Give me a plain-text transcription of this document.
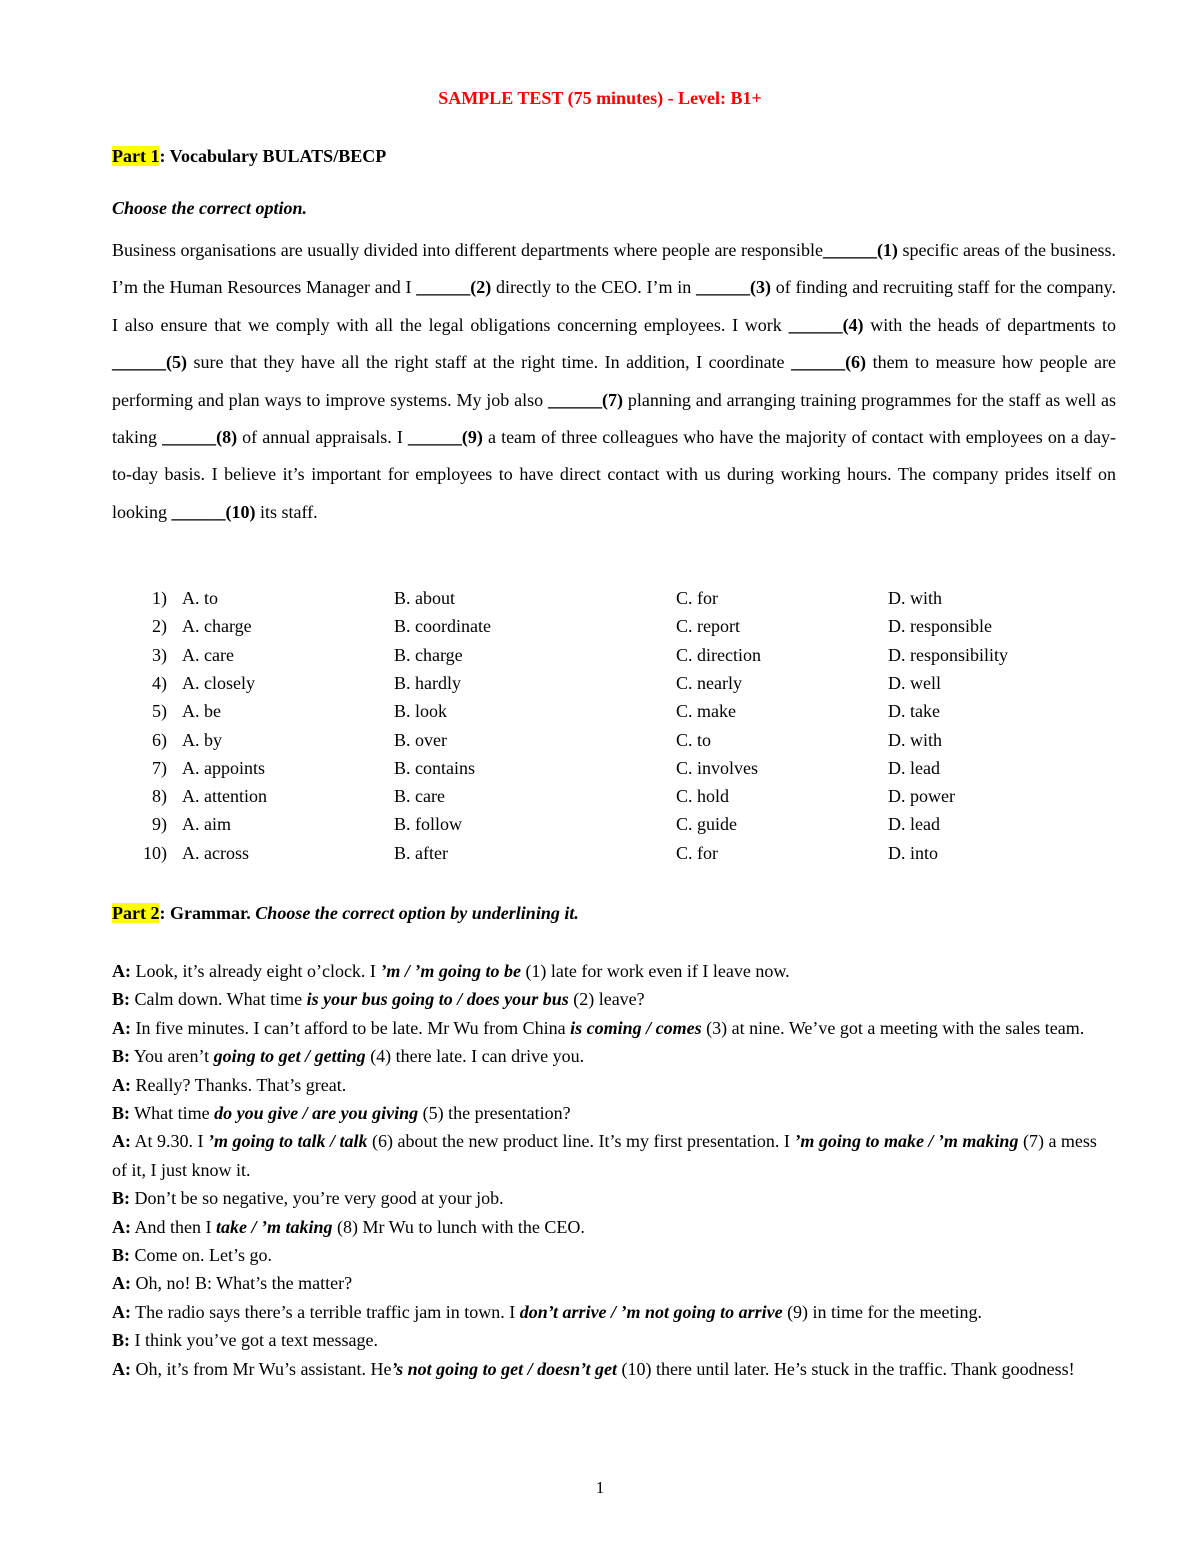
SAMPLE TEST (75 minutes) - Level: B1+
Part 1: Vocabulary BULATS/BECP
Choose the correct option.
Business organisations are usually divided into different departments where people are responsible______(1) specific areas of the business. I’m the Human Resources Manager and I ______(2) directly to the CEO. I’m in ______(3) of finding and recruiting staff for the company. I also ensure that we comply with all the legal obligations concerning employees. I work ______(4) with the heads of departments to ______(5) sure that they have all the right staff at the right time. In addition, I coordinate ______(6) them to measure how people are performing and plan ways to improve systems. My job also ______(7) planning and arranging training programmes for the staff as well as taking ______(8) of annual appraisals. I ______(9) a team of three colleagues who have the majority of contact with employees on a day-to-day basis. I believe it’s important for employees to have direct contact with us during working hours. The company prides itself on looking ______(10) its staff.
1) A. to	B. about	C. for	D. with
2) A. charge	B. coordinate	C. report	D. responsible
3) A. care	B. charge	C. direction	D. responsibility
4) A. closely	B. hardly	C. nearly	D. well
5) A. be	B. look	C. make	D. take
6) A. by	B. over	C. to	D. with
7) A. appoints	B. contains	C. involves	D. lead
8) A. attention	B. care	C. hold	D. power
9) A. aim	B. follow	C. guide	D. lead
10) A. across	B. after	C. for	D. into
Part 2: Grammar. Choose the correct option by underlining it.

A: Look, it’s already eight o’clock. I ’m / ’m going to be (1) late for work even if I leave now.

B: Calm down. What time is your bus going to / does your bus (2) leave?

A: In five minutes. I can’t afford to be late. Mr Wu from China is coming / comes (3) at nine. We’ve got a meeting with the sales team.

B: You aren’t going to get / getting (4) there late. I can drive you.

A: Really? Thanks. That’s great.

B: What time do you give / are you giving (5) the presentation?

A: At 9.30. I ’m going to talk / talk (6) about the new product line. It’s my first presentation. I ’m going to make / ’m making (7) a mess of it, I just know it.

B: Don’t be so negative, you’re very good at your job.

A: And then I take / ’m taking (8) Mr Wu to lunch with the CEO.

B: Come on. Let’s go.

A: Oh, no! B: What’s the matter?

A: The radio says there’s a terrible traffic jam in town. I don’t arrive / ’m not going to arrive (9) in time for the meeting.

B: I think you’ve got a text message.

A: Oh, it’s from Mr Wu’s assistant. He’s not going to get / doesn’t get (10) there until later. He’s stuck in the traffic. Thank goodness!

1
